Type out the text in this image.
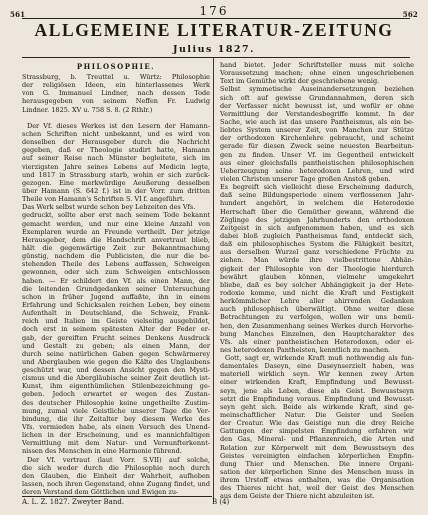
561	176	562
ALLGEMEINE LITERATUR-ZEITUNG
Julius 1827.
PHILOSOPHIE.
Strassburg, b. Treuttel u. Würtz: Philosophie
der religiösen Ideen, ein hinterlassenes Werk
von G. Immanuel Lindner, nach dessen Tode
herausgegeben von seinem Neffen Fr. Ludwig
Lindner. 1825. XV u. 758 S. 8. (2 Rthlr.)
Der Vf. dieses Werkes ist den Lesern der Hamann-
schen Schriften nicht unbekannt, und es wird von
denselben der Herausgeber durch die Nachricht
gegeben, daß er Theologie studirt hatte, Hamann
auf seiner Reise nach Münster begleitete, sich im
vierzigsten Jahre seines Lebens auf Medicin legte,
und 1817 in Strassburg starb, wohin er sich zurück-
gezogen. Eine merkwürdige Aeußerung desselben
über Hamann (S. 642 f.) ist in der Vorr. zum dritten
Theile von Hamann's Schriften S. VI f. angeführt.
Das Werk selbst wurde schon bey Lebzeiten des Vfs.
gedruckt, sollte aber erst nach seinem Tode bekannt
gemacht werden, und nur eine kleine Anzahl von
Exemplaren wurde an Freunde vertheilt. Der jetzige
Herausgeber, dem die Handschrift anvertraut blieb,
hält die gegenwärtige Zeit zur Bekanntmachung
günstig, nachdem die Publicisten, die nur die be-
stehenden Theile des Lebens auffassen, Schweigen
gewonnen, oder sich zum Schweigen entschlossen
haben. — Er schildert den Vf. als einen Mann, der
die leitenden Grundgedanken seiner Untersuchung
schon in früher Jugend auffaßte, ihn in einem
Erfahrung und Schicksalen reichen Leben, bey einem
Aufenthalt in Deutschland, die Schweiz, Frank-
reich und Italien im Geiste vielseitig ausgebildet,
doch erst in seinem spätesten Alter der Feder er-
gab, der gereiften Frucht seines Denkens Ausdruck
und Gestalt zu geben; als einen Mann, der
durch seine natürlichen Gaben gegen Schwärmerey
und Aberglauben wie gegen die Kälte des Unglaubens
geschützt war, und dessen Ansicht gegen den Mysti-
cismus und die Abergläubische seiner Zeit deutlich ist-
Kunst, ihm eigenthümlichen Stilenbezeichnung ge-
geben. Jedoch erwartet er wegen des Zustan-
des deutscher Philosophie keine ungetheilte Zustim-
mung, zumal viele Geistliche unserer Tage die Ver-
bindung, die ihr Zeitalter bey diesem Werke des
Vfs. vermieden habe, als einen Versuch des Unend-
lichen in der Erscheinung, und es mannichfaltigen
Vermittlung mit dem Natur- und Vernunfterkennt-
nissen des Menschen in eine Harmonie führend.
Der Vf. vertraut (laut Vorr. S.VII) auf solche,
die sich weder durch die Philosophie noch durch
den Glauben, die Einheit der Wahrheit, aufheben
lassen, noch ihren Gegenstand, ohne Zugang findet, und
deren Verstand dem Göttlichen und Ewigen zu-
hand bietet. Jeder Schriftsteller muss mit solche
Voraussetzung machen; ohne einen ungeschriebenen
Text im Gemüthe wirkt der geschriebene wenig.
Selbst symmetische Auseinandersetzungen beziehen
sich oft auf gewisse Grundannahmen, deren sich
der Verfasser nicht bewusst ist, und wofür er ohne
Vermittlung der Verstandesbegriffe kommt. In der
Sache, wie auch ist das unsere Pantheismus, als ein be-
liebtes System unserer Zeit, von Manchen zur Stütze
der orthodoxen Kirchenlehre gebraucht, und scheint
gerade für diesen Zweck seine neuesten Bearbeitun-
gen zu finden. Unser Vf. im Gegentheil entwickelt
aus einer gleichsfalls pantheistischen philosophischen
Ueberzeugung seine heterodoxen Lehren, und wird
vielen Christen unserer Tage großen Anstoß geben.
Es begreift sich vielleicht diese Erscheinung dadurch,
daß seine Bildungsperiode einem verflossenen Jahr-
hundert angehört, in welchem die Heterodoxie
Herrschaft über die Gemüther gewann, während die
Zöglinge des jetzigen Jahrhunderts den orthodoxen
Zeitgeist in sich aufgenommen haben, und es sich
dabei bloß zugleich Pantheismus fand, entdeckt sich,
daß ein philosophisches System die Fähigkeit besitzt,
aus derselben Wurzel ganz verschiedene Früchte zu
ziehen. Man würde ihre vielbestrittene Abhän-
gigkeit der Philosophie von der Theologie hierdurch
bewährt glauben können, vielmehr umgekehrt
bliebe, daß es bey solcher Abhängigkeit ja der Hete-
rodoxie komme, und nicht die Kraft und Festigkeit
herkömmlicher Lehre aller ahirrenden Gedanken
auch philosophisch überwältigt. Ohne weiter diese
Betrachtungen zu verfolgen, wollen wir uns bemü-
hen, den Zusammenhang seines Werkes durch Hervorhe-
bung Manches Einzelnen, den Hauptcharakter des
Vfs. als einer pantheistischen Heterodoxen, oder ei-
nes heterodoxen Pantheisten, kenntlich zu machen.
Gott, sagt er, wirkende Kraft muß nothwendig als fun-
damentales Daseyn, eine Daseynserzielt haben, was
materiell wirklich seyn. Wir kennen zwey Arten
einer wirkenden Kraft, Empfindung und Bewusst-
seyn, jene als Leben, diese als Geist. Bewusstseyn
setzt die Empfindung voraus. Empfindung und Bewusst-
seyn geht sich. Beide als wirkende Kraft, sind ge-
meinschaftlicher Natur. Die Geister und Seelen
der Creatur. Wie das Geistige nun die drey Reiche
Gattungen der simpelsten Empfindung erfahren wir
den Gas, Mineral- und Pflanzenreich, die Arten und
Relation zur Körperwelt mit dem Bewusstseyn des
Geistes vereinigten einfachen körperlichen Empfin-
dung Thier und Menschen. Die innere Organi-
sation der körperlichen Sinne des Menschen muss in
ihrem Urstoff etwas enthalten, was die Organisation
des Thieres nicht hat, weil der Geist des Menschen
aus dem Geiste der Thiere nicht abzuleiten ist.
A. L. Z. 1827. Zweyter Band.	B (4)
